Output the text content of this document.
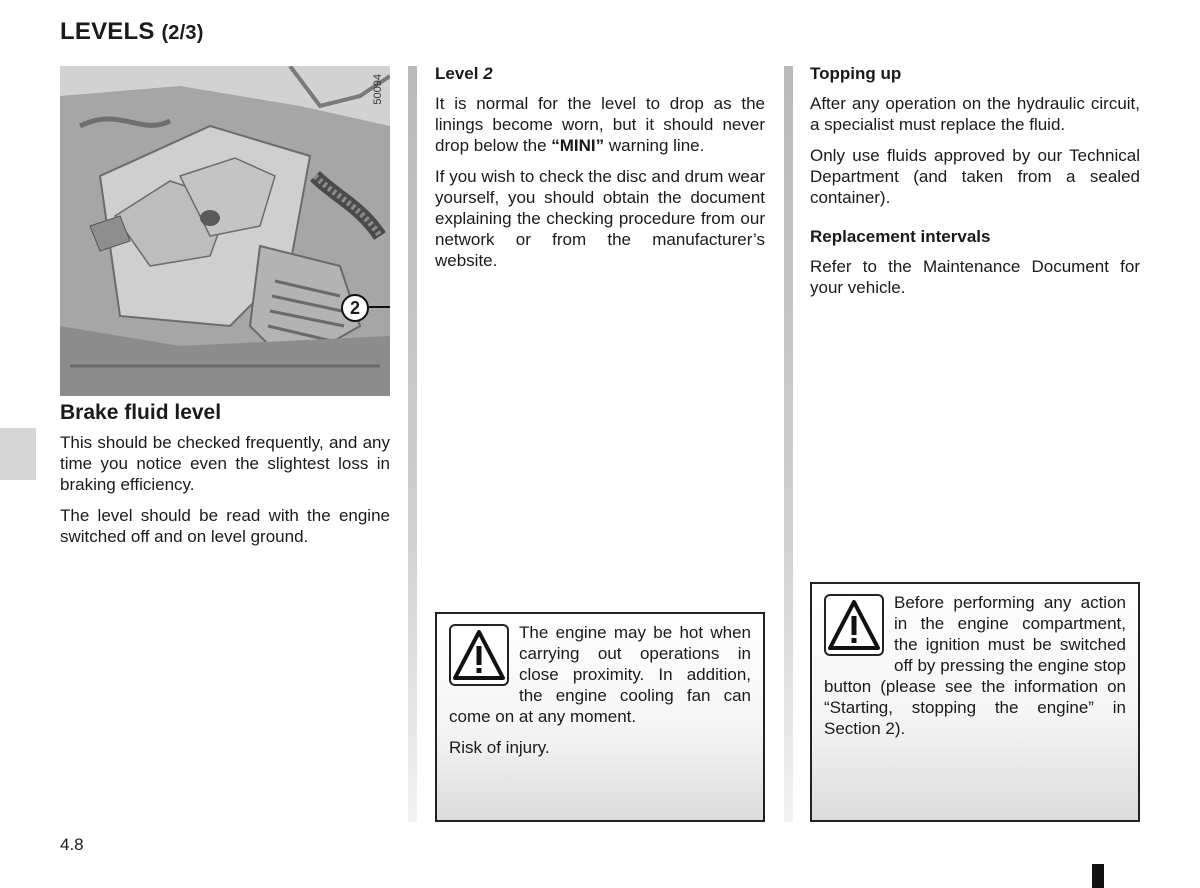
LEVELS (2/3)
50094
2
Brake fluid level

This should be checked frequently, and any time you notice even the slightest loss in braking efficiency.

The level should be read with the engine switched off and on level ground.

Level 2

It is normal for the level to drop as the linings become worn, but it should never drop below the “MINI” warning line.

If you wish to check the disc and drum wear yourself, you should obtain the document explaining the checking procedure from our network or from the manufacturer’s website.

The engine may be hot when carrying out operations in close proximity. In addition, the engine cooling fan can come on at any moment.

Risk of injury.

Topping up

After any operation on the hydraulic circuit, a specialist must replace the fluid.

Only use fluids approved by our Technical Department (and taken from a sealed container).

Replacement intervals

Refer to the Maintenance Document for your vehicle.

Before performing any action in the engine compartment, the ignition must be switched off by pressing the engine stop button (please see the information on “Starting, stopping the engine” in Section 2).

4.8
